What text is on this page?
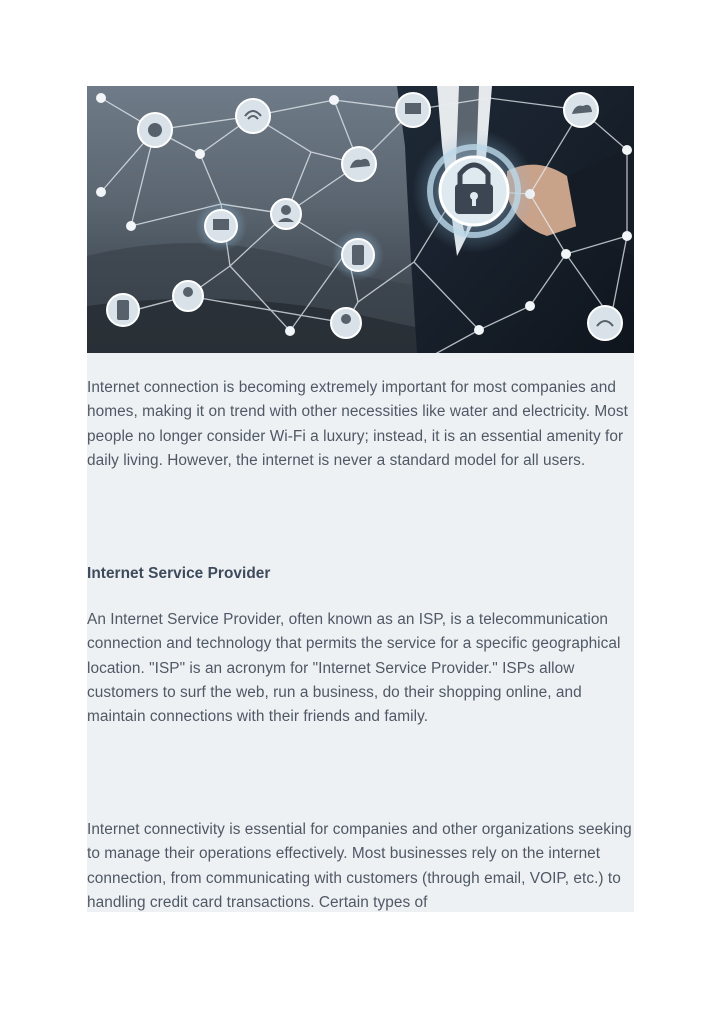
Internet connection is becoming extremely important for most companies and homes, making it on trend with other necessities like water and electricity. Most people no longer consider Wi-Fi a luxury; instead, it is an essential amenity for daily living. However, the internet is never a standard model for all users.

Internet Service Provider

An Internet Service Provider, often known as an ISP, is a telecommunication connection and technology that permits the service for a specific geographical location. "ISP" is an acronym for "Internet Service Provider." ISPs allow customers to surf the web, run a business, do their shopping online, and maintain connections with their friends and family.

Internet connectivity is essential for companies and other organizations seeking to manage their operations effectively. Most businesses rely on the internet connection, from communicating with customers (through email, VOIP, etc.) to handling credit card transactions. Certain types of
